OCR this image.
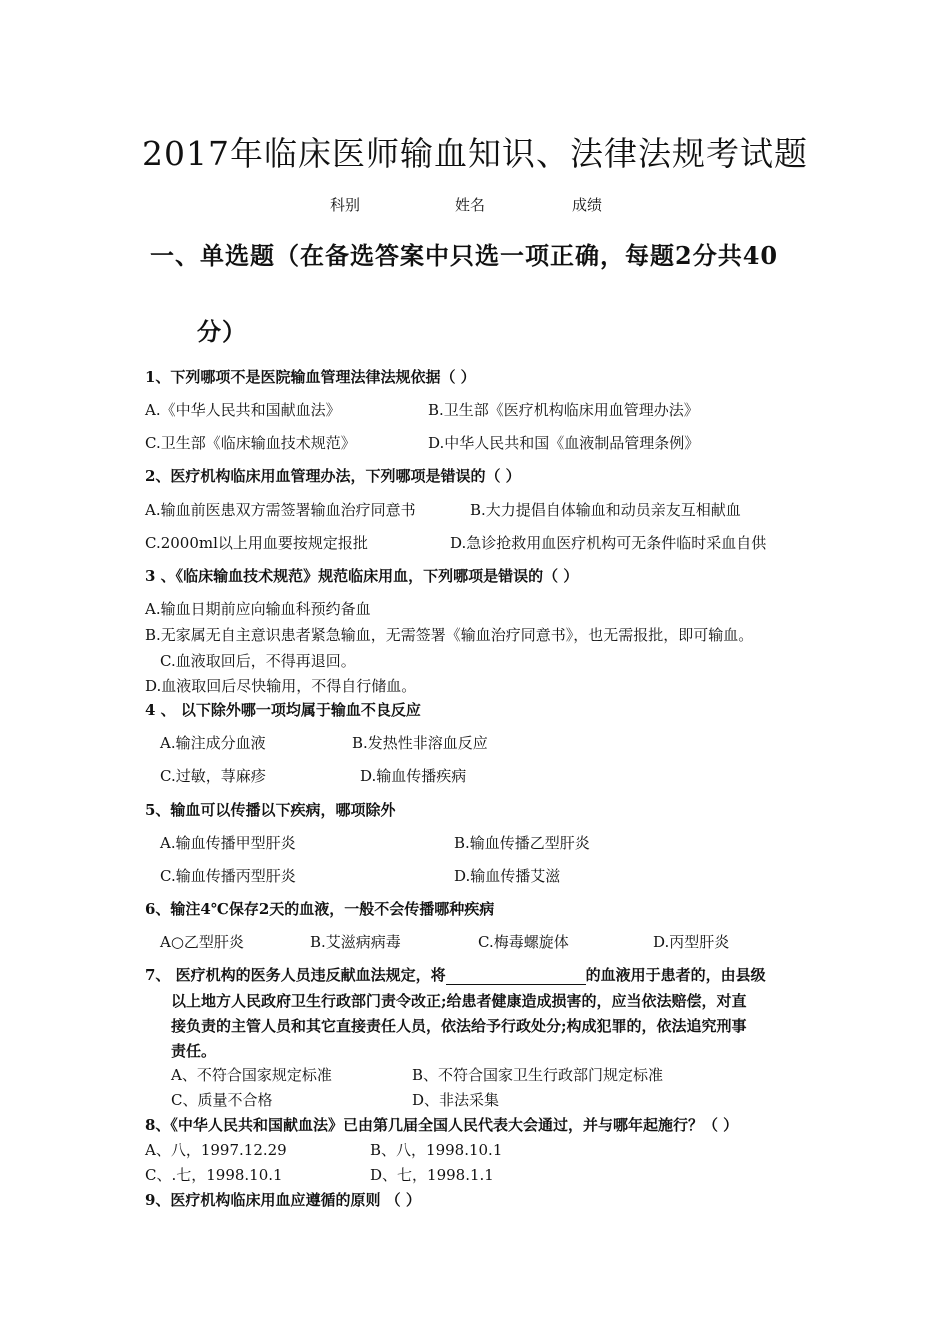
2017年临床医师输血知识、法律法规考试题
科别	姓名	成绩
一、单选题（在备选答案中只选一项正确，每题2分共40
分）
1、下列哪项不是医院输血管理法律法规依据（ ）
A.《中华人民共和国献血法》	B.卫生部《医疗机构临床用血管理办法》
C.卫生部《临床输血技术规范》	D.中华人民共和国《血液制品管理条例》
2、医疗机构临床用血管理办法，下列哪项是错误的（ ）
A.输血前医患双方需签署输血治疗同意书	B.大力提倡自体输血和动员亲友互相献血
C.2000ml以上用血要按规定报批	D.急诊抢救用血医疗机构可无条件临时采血自供
3 、《临床输血技术规范》规范临床用血，下列哪项是错误的（ ）
A.输血日期前应向输血科预约备血
B.无家属无自主意识患者紧急输血，无需签署《输血治疗同意书》，也无需报批，即可输血。
C.血液取回后，不得再退回。
D.血液取回后尽快输用，不得自行储血。
4 、 以下除外哪一项均属于输血不良反应
A.输注成分血液	B.发热性非溶血反应
C.过敏，荨麻疹	D.输血传播疾病
5、输血可以传播以下疾病，哪项除外
A.输血传播甲型肝炎	B.输血传播乙型肝炎
C.输血传播丙型肝炎	D.输血传播艾滋
6、输注4℃保存2天的血液，一般不会传播哪种疾病
A○乙型肝炎	B.艾滋病病毒	C.梅毒螺旋体	D.丙型肝炎
7、 医疗机构的医务人员违反献血法规定，将	的血液用于患者的，由县级
以上地方人民政府卫生行政部门责令改正;给患者健康造成损害的，应当依法赔偿，对直
接负责的主管人员和其它直接责任人员，依法给予行政处分;构成犯罪的，依法追究刑事
责任。
A、不符合国家规定标准	B、不符合国家卫生行政部门规定标准
C、质量不合格	D、非法采集
8、《中华人民共和国献血法》已由第几届全国人民代表大会通过，并与哪年起施行？（ ）
A、八，1997.12.29	B、八，1998.10.1
C、.七，1998.10.1	D、七，1998.1.1
9、医疗机构临床用血应遵循的原则 （ ）
